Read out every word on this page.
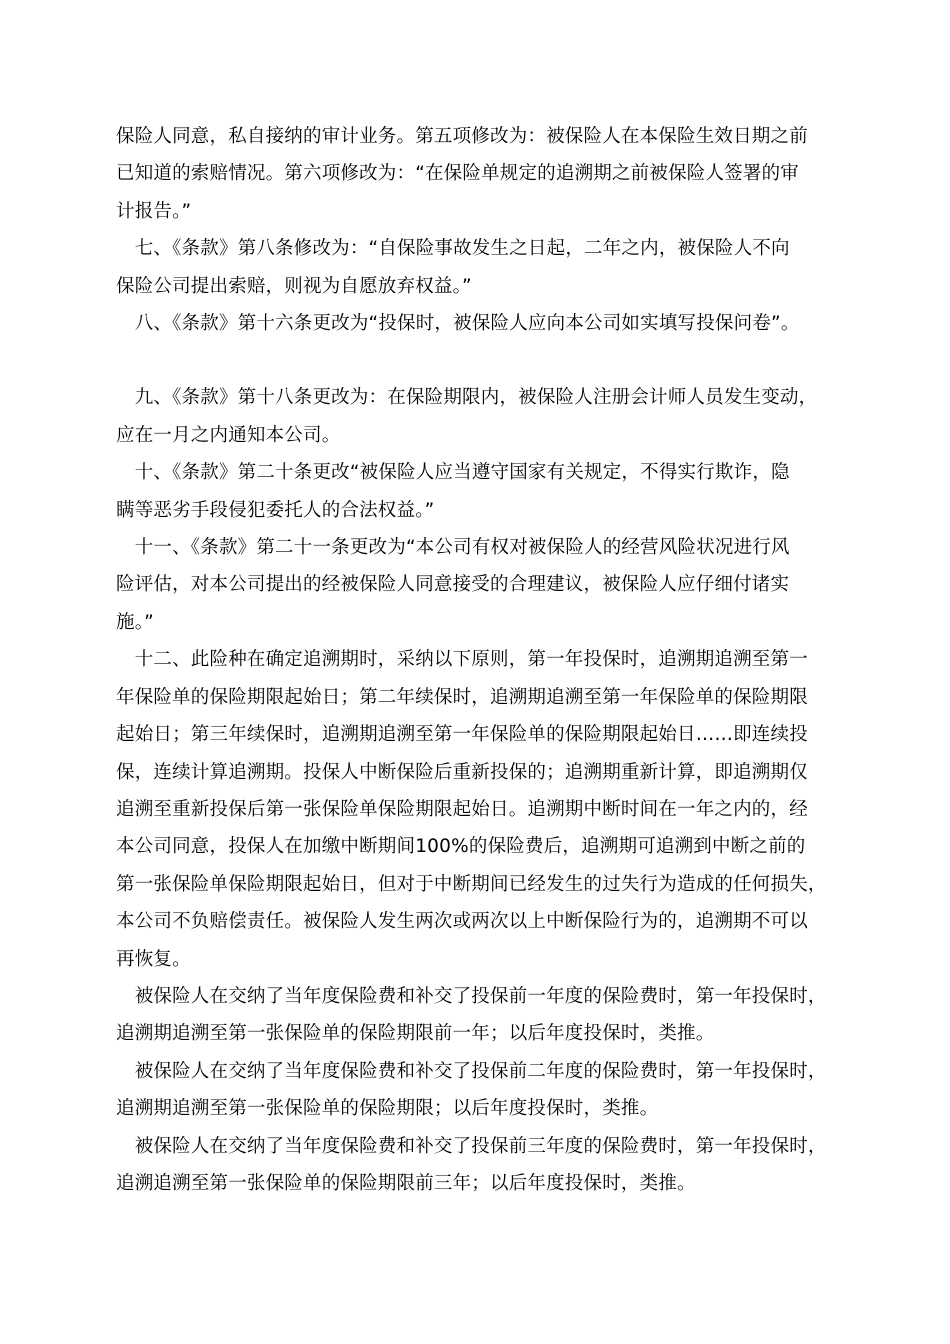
保险人同意，私自接纳的审计业务。第五项修改为：被保险人在本保险生效日期之前
已知道的索赔情况。第六项修改为：“在保险单规定的追溯期之前被保险人签署的审
计报告。”

　七、《条款》第八条修改为：“自保险事故发生之日起，二年之内，被保险人不向
保险公司提出索赔，则视为自愿放弃权益。”

　八、《条款》第十六条更改为“投保时，被保险人应向本公司如实填写投保问卷”。

　九、《条款》第十八条更改为：在保险期限内，被保险人注册会计师人员发生变动，
应在一月之内通知本公司。

　十、《条款》第二十条更改“被保险人应当遵守国家有关规定，不得实行欺诈，隐
瞒等恶劣手段侵犯委托人的合法权益。”

　十一、《条款》第二十一条更改为“本公司有权对被保险人的经营风险状况进行风
险评估，对本公司提出的经被保险人同意接受的合理建议，被保险人应仔细付诸实
施。”

　十二、此险种在确定追溯期时，采纳以下原则，第一年投保时，追溯期追溯至第一
年保险单的保险期限起始日；第二年续保时，追溯期追溯至第一年保险单的保险期限
起始日；第三年续保时，追溯期追溯至第一年保险单的保险期限起始日……即连续投
保，连续计算追溯期。投保人中断保险后重新投保的；追溯期重新计算，即追溯期仅
追溯至重新投保后第一张保险单保险期限起始日。追溯期中断时间在一年之内的，经
本公司同意，投保人在加缴中断期间100%的保险费后，追溯期可追溯到中断之前的
第一张保险单保险期限起始日，但对于中断期间已经发生的过失行为造成的任何损失，
本公司不负赔偿责任。被保险人发生两次或两次以上中断保险行为的，追溯期不可以
再恢复。

　被保险人在交纳了当年度保险费和补交了投保前一年度的保险费时，第一年投保时，
追溯期追溯至第一张保险单的保险期限前一年；以后年度投保时，类推。

　被保险人在交纳了当年度保险费和补交了投保前二年度的保险费时，第一年投保时，
追溯期追溯至第一张保险单的保险期限；以后年度投保时，类推。

　被保险人在交纳了当年度保险费和补交了投保前三年度的保险费时，第一年投保时，
追溯追溯至第一张保险单的保险期限前三年；以后年度投保时，类推。
